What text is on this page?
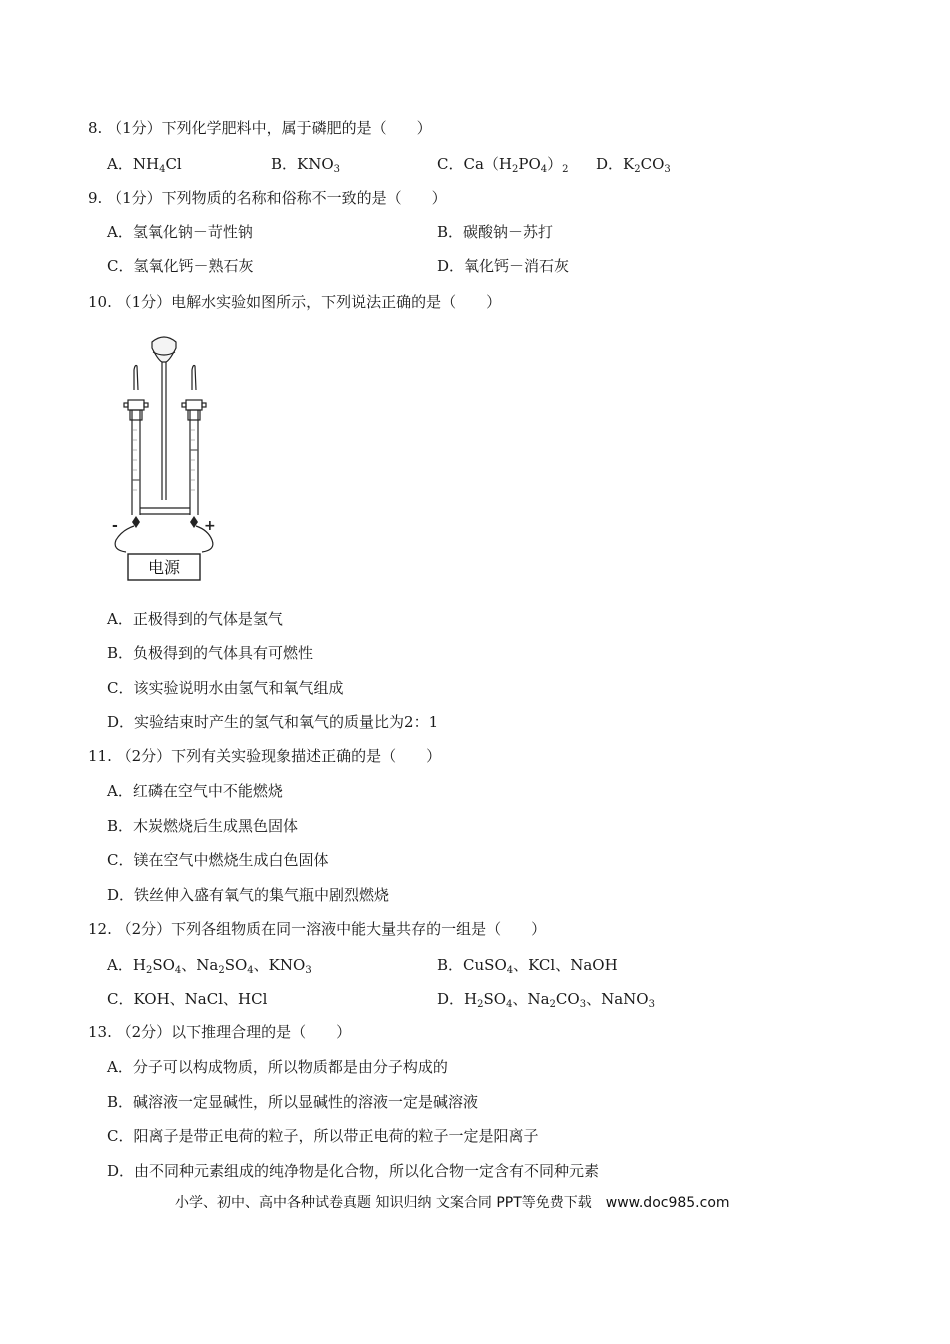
8. （1分）下列化学肥料中，属于磷肥的是（　　）
A．$NH_4Cl$	B．$KNO_3$	C．$Ca(H_2PO_4)_2$ D．$K_2CO_3$
9. （1分）下列物质的名称和俗称不一致的是（　　）
A．氢氧化钠－苛性钠	B．碳酸钠－苏打
C．氢氧化钙－熟石灰	D．氧化钙－消石灰
10. （1分）电解水实验如图所示，下列说法正确的是（　　）
-	+
电源
A．正极得到的气体是氢气
B．负极得到的气体具有可燃性
C．该实验说明水由氢气和氧气组成
D．实验结束时产生的氢气和氧气的质量比为2：1
11. （2分）下列有关实验现象描述正确的是（　　）
A．红磷在空气中不能燃烧
B．木炭燃烧后生成黑色固体
C．镁在空气中燃烧生成白色固体
D．铁丝伸入盛有氧气的集气瓶中剧烈燃烧
12. （2分）下列各组物质在同一溶液中能大量共存的一组是（　　）
A．$H_2SO_4$、$Na_2SO_4$、$KNO_3$	B．CuSO$_4$、KCl、NaOH
C．KOH、NaCl、HCl	D．$H_2SO_4$、$Na_2CO_3$、NaNO$_3$
13. （2分）以下推理合理的是（　　）
A．分子可以构成物质，所以物质都是由分子构成的
B．碱溶液一定显碱性，所以显碱性的溶液一定是碱溶液
C．阳离子是带正电荷的粒子，所以带正电荷的粒子一定是阳离子
D．由不同种元素组成的纯净物是化合物，所以化合物一定含有不同种元素
小学、初中、高中各种试卷真题 知识归纳 文案合同 PPT等免费下载　www.doc985.com
